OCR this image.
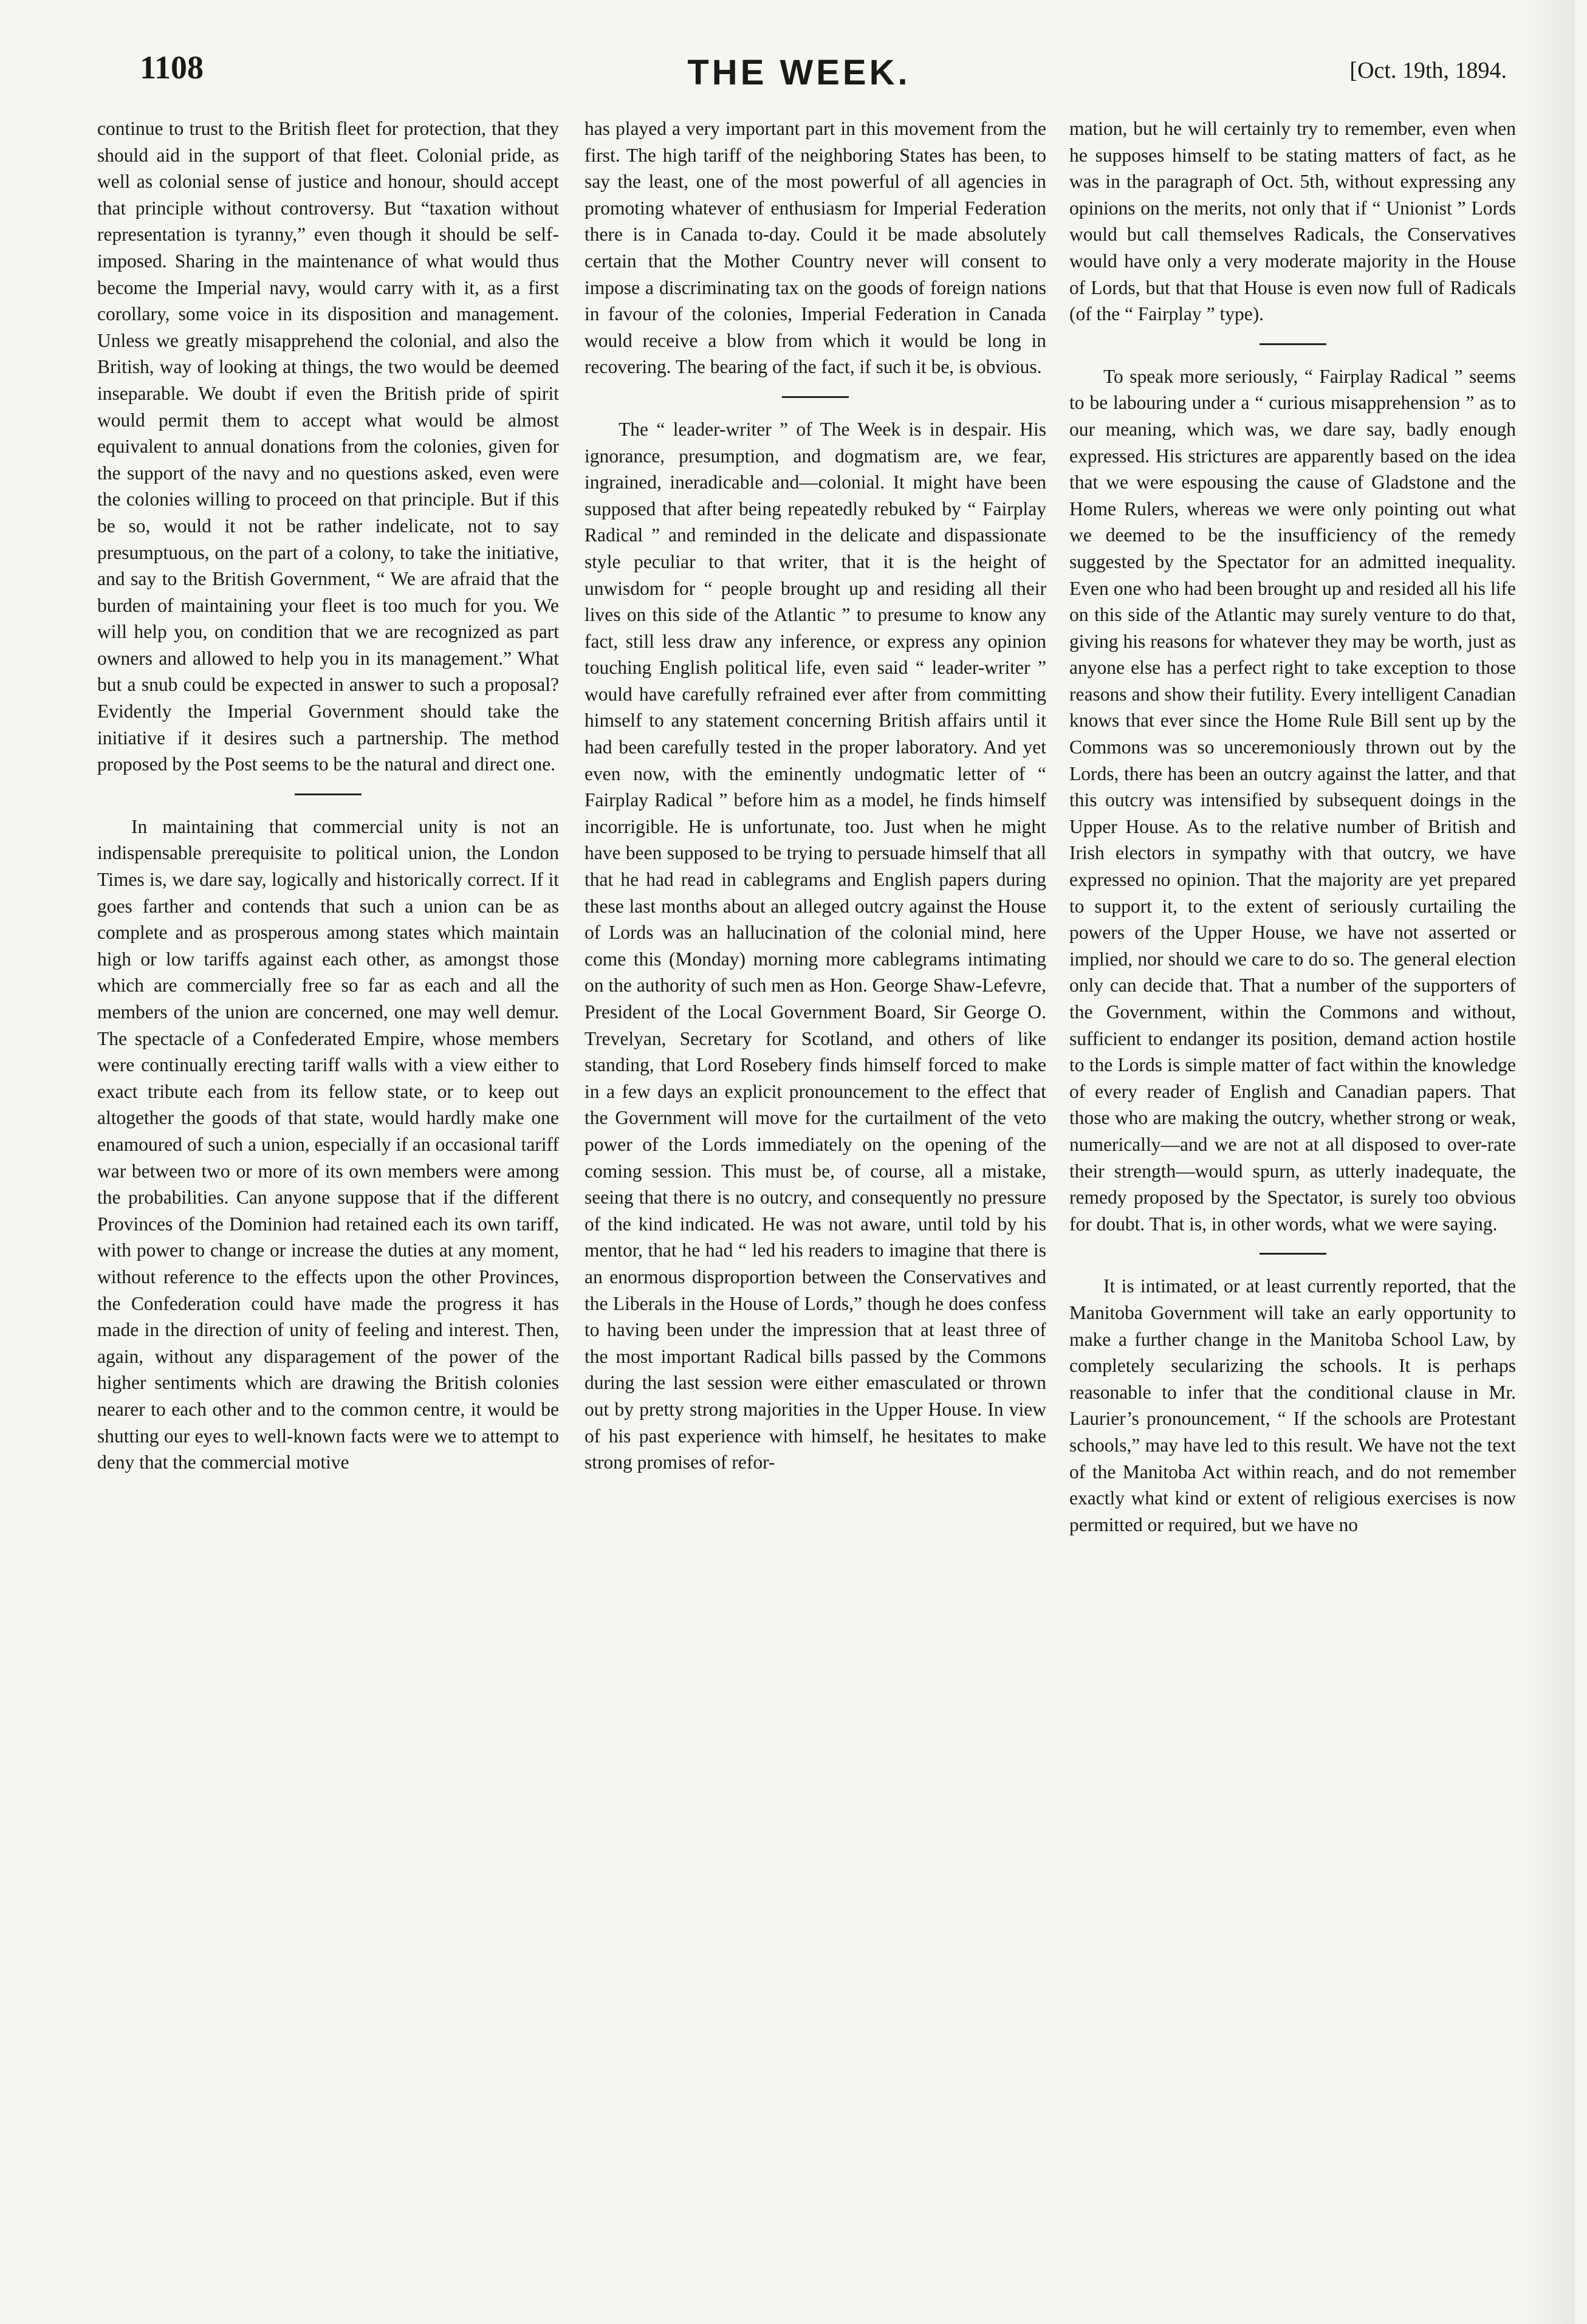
1108	THE WEEK.	[Oct. 19th, 1894.

continue to trust to the British fleet for protection, that they should aid in the support of that fleet. Colonial pride, as well as colonial sense of justice and honour, should accept that principle without controversy. But “taxation without representation is tyranny,” even though it should be self-imposed. Sharing in the maintenance of what would thus become the Imperial navy, would carry with it, as a first corollary, some voice in its disposition and management. Unless we greatly misapprehend the colonial, and also the British, way of looking at things, the two would be deemed inseparable. We doubt if even the British pride of spirit would permit them to accept what would be almost equivalent to annual donations from the colonies, given for the support of the navy and no questions asked, even were the colonies willing to proceed on that principle. But if this be so, would it not be rather indelicate, not to say presumptuous, on the part of a colony, to take the initiative, and say to the British Government, “ We are afraid that the burden of maintaining your fleet is too much for you. We will help you, on condition that we are recognized as part owners and allowed to help you in its management.” What but a snub could be expected in answer to such a proposal? Evidently the Imperial Government should take the initiative if it desires such a partnership. The method proposed by the Post seems to be the natural and direct one.

In maintaining that commercial unity is not an indispensable prerequisite to political union, the London Times is, we dare say, logically and historically correct. If it goes farther and contends that such a union can be as complete and as prosperous among states which maintain high or low tariffs against each other, as amongst those which are commercially free so far as each and all the members of the union are concerned, one may well demur. The spectacle of a Confederated Empire, whose members were continually erecting tariff walls with a view either to exact tribute each from its fellow state, or to keep out altogether the goods of that state, would hardly make one enamoured of such a union, especially if an occasional tariff war between two or more of its own members were among the probabilities. Can anyone suppose that if the different Provinces of the Dominion had retained each its own tariff, with power to change or increase the duties at any moment, without reference to the effects upon the other Provinces, the Confederation could have made the progress it has made in the direction of unity of feeling and interest. Then, again, without any disparagement of the power of the higher sentiments which are drawing the British colonies nearer to each other and to the common centre, it would be shutting our eyes to well-known facts were we to attempt to deny that the commercial motive

has played a very important part in this movement from the first. The high tariff of the neighboring States has been, to say the least, one of the most powerful of all agencies in promoting whatever of enthusiasm for Imperial Federation there is in Canada to-day. Could it be made absolutely certain that the Mother Country never will consent to impose a discriminating tax on the goods of foreign nations in favour of the colonies, Imperial Federation in Canada would receive a blow from which it would be long in recovering. The bearing of the fact, if such it be, is obvious.

The “ leader-writer ” of The Week is in despair. His ignorance, presumption, and dogmatism are, we fear, ingrained, ineradicable and—colonial. It might have been supposed that after being repeatedly rebuked by “ Fairplay Radical ” and reminded in the delicate and dispassionate style peculiar to that writer, that it is the height of unwisdom for “ people brought up and residing all their lives on this side of the Atlantic ” to presume to know any fact, still less draw any inference, or express any opinion touching English political life, even said “ leader-writer ” would have carefully refrained ever after from committing himself to any statement concerning British affairs until it had been carefully tested in the proper laboratory. And yet even now, with the eminently undogmatic letter of “ Fairplay Radical ” before him as a model, he finds himself incorrigible. He is unfortunate, too. Just when he might have been supposed to be trying to persuade himself that all that he had read in cablegrams and English papers during these last months about an alleged outcry against the House of Lords was an hallucination of the colonial mind, here come this (Monday) morning more cablegrams intimating on the authority of such men as Hon. George Shaw-Lefevre, President of the Local Government Board, Sir George O. Trevelyan, Secretary for Scotland, and others of like standing, that Lord Rosebery finds himself forced to make in a few days an explicit pronouncement to the effect that the Government will move for the curtailment of the veto power of the Lords immediately on the opening of the coming session. This must be, of course, all a mistake, seeing that there is no outcry, and consequently no pressure of the kind indicated. He was not aware, until told by his mentor, that he had “ led his readers to imagine that there is an enormous disproportion between the Conservatives and the Liberals in the House of Lords,” though he does confess to having been under the impression that at least three of the most important Radical bills passed by the Commons during the last session were either emasculated or thrown out by pretty strong majorities in the Upper House. In view of his past experience with himself, he hesitates to make strong promises of refor-

mation, but he will certainly try to remember, even when he supposes himself to be stating matters of fact, as he was in the paragraph of Oct. 5th, without expressing any opinions on the merits, not only that if “ Unionist ” Lords would but call themselves Radicals, the Conservatives would have only a very moderate majority in the House of Lords, but that that House is even now full of Radicals (of the “ Fairplay ” type).

To speak more seriously, “ Fairplay Radical ” seems to be labouring under a “ curious misapprehension ” as to our meaning, which was, we dare say, badly enough expressed. His strictures are apparently based on the idea that we were espousing the cause of Gladstone and the Home Rulers, whereas we were only pointing out what we deemed to be the insufficiency of the remedy suggested by the Spectator for an admitted inequality. Even one who had been brought up and resided all his life on this side of the Atlantic may surely venture to do that, giving his reasons for whatever they may be worth, just as anyone else has a perfect right to take exception to those reasons and show their futility. Every intelligent Canadian knows that ever since the Home Rule Bill sent up by the Commons was so unceremoniously thrown out by the Lords, there has been an outcry against the latter, and that this outcry was intensified by subsequent doings in the Upper House. As to the relative number of British and Irish electors in sympathy with that outcry, we have expressed no opinion. That the majority are yet prepared to support it, to the extent of seriously curtailing the powers of the Upper House, we have not asserted or implied, nor should we care to do so. The general election only can decide that. That a number of the supporters of the Government, within the Commons and without, sufficient to endanger its position, demand action hostile to the Lords is simple matter of fact within the knowledge of every reader of English and Canadian papers. That those who are making the outcry, whether strong or weak, numerically—and we are not at all disposed to over-rate their strength—would spurn, as utterly inadequate, the remedy proposed by the Spectator, is surely too obvious for doubt. That is, in other words, what we were saying.

It is intimated, or at least currently reported, that the Manitoba Government will take an early opportunity to make a further change in the Manitoba School Law, by completely secularizing the schools. It is perhaps reasonable to infer that the conditional clause in Mr. Laurier’s pronouncement, “ If the schools are Protestant schools,” may have led to this result. We have not the text of the Manitoba Act within reach, and do not remember exactly what kind or extent of religious exercises is now permitted or required, but we have no
